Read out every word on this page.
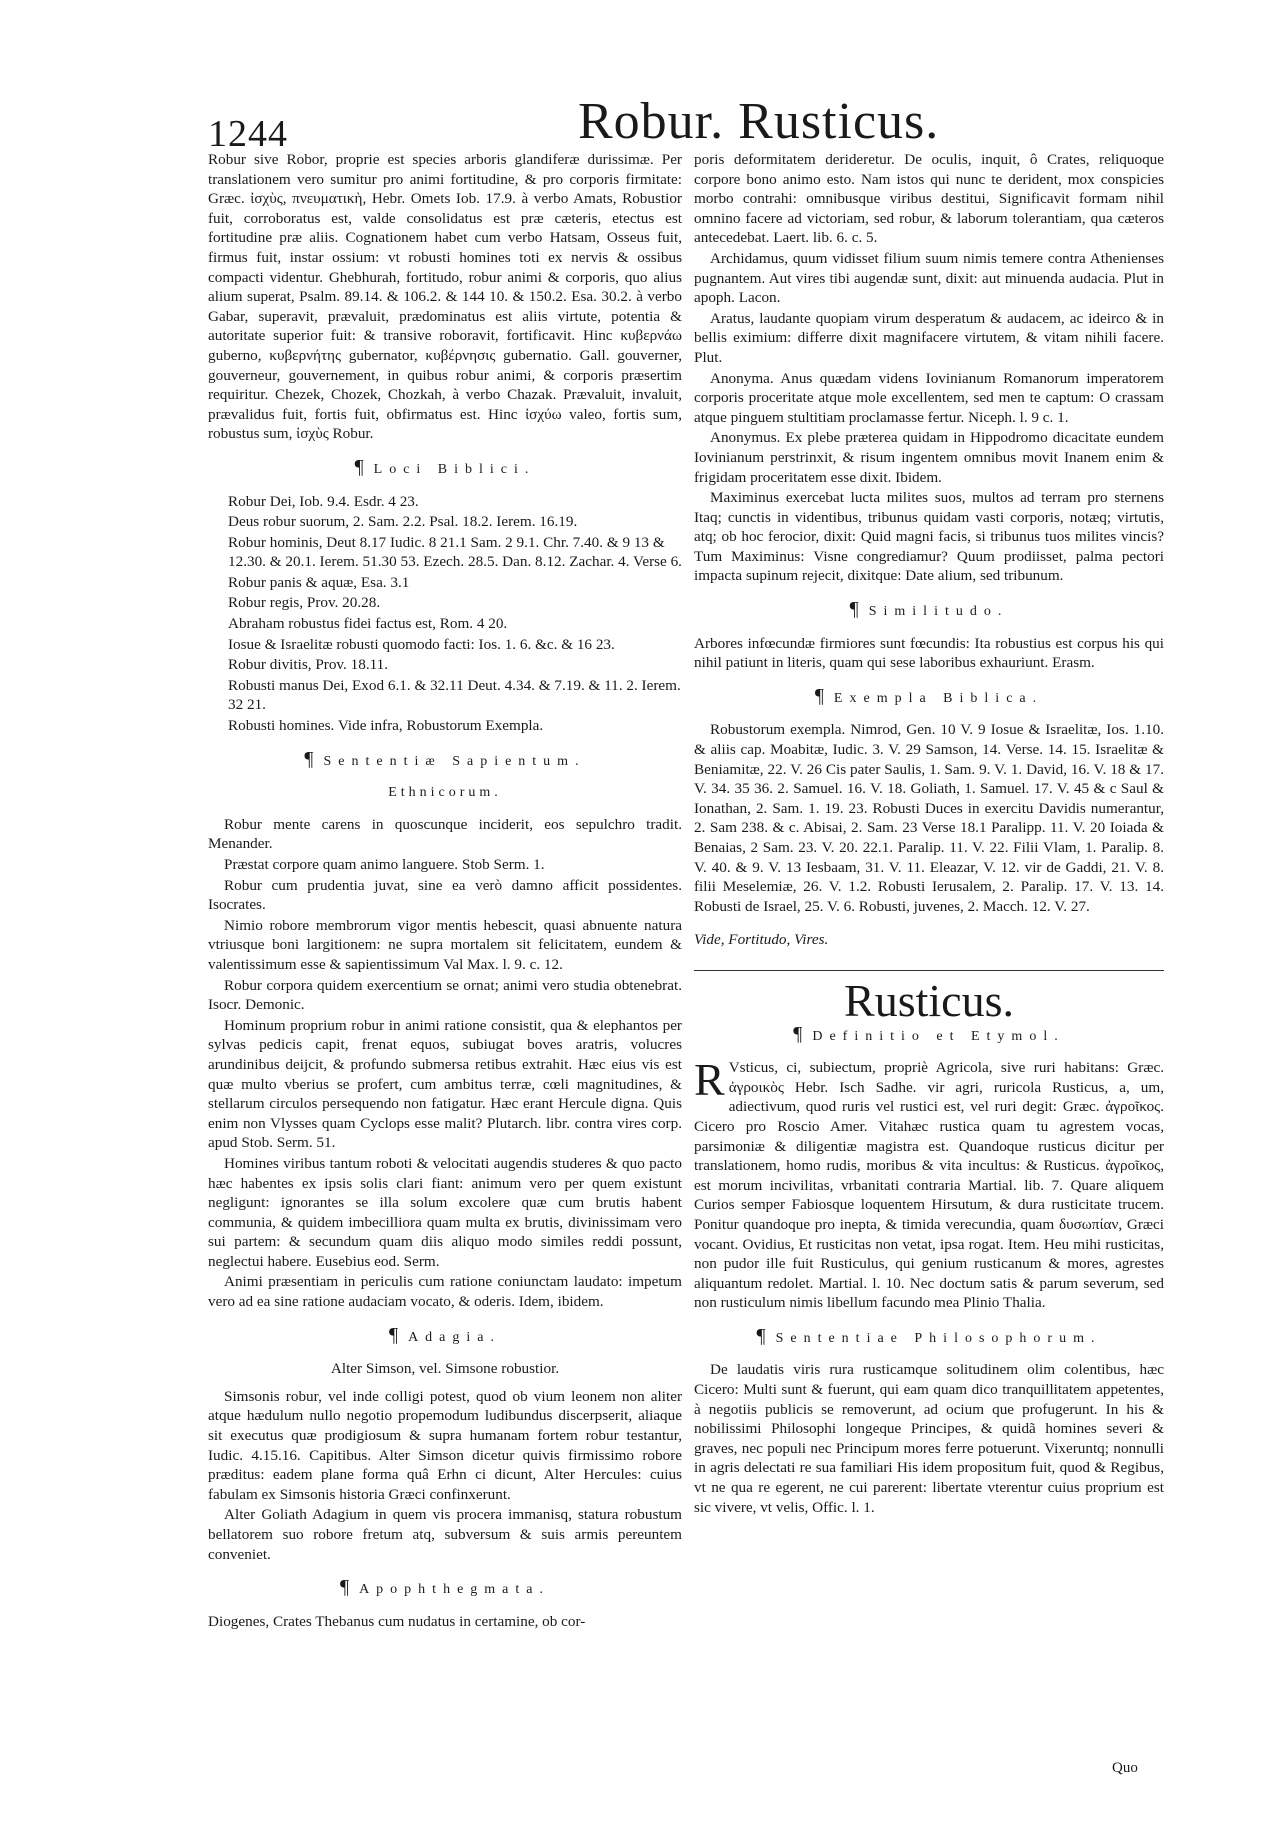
1244	Robur. Rusticus.

Robur sive Robor, proprie est species arboris glandiferæ durissimæ. Per translationem vero sumitur pro animi fortitudine, & pro corporis firmitate: Græc. ἰσχὺς, πνευματικὴ, Hebr. Omets Iob. 17.9. à verbo Amats, Robustior fuit, corroboratus est, valde consolidatus est præ cæteris, etectus est fortitudine præ aliis. Cognationem habet cum verbo Hatsam, Osseus fuit, firmus fuit, instar ossium: vt robusti homines toti ex nervis & ossibus compacti videntur. Ghebhurah, fortitudo, robur animi & corporis, quo alius alium superat, Psalm. 89.14. & 106.2. & 144 10. & 150.2. Esa. 30.2. à verbo Gabar, superavit, prævaluit, prædominatus est aliis virtute, potentia & autoritate superior fuit: & transive roboravit, fortificavit. Hinc κυβερνάω guberno, κυβερνήτης gubernator, κυβέρνησις gubernatio. Gall. gouverner, gouverneur, gouvernement, in quibus robur animi, & corporis præsertim requiritur. Chezek, Chozek, Chozkah, à verbo Chazak. Prævaluit, invaluit, prævalidus fuit, fortis fuit, obfirmatus est. Hinc ἰσχύω valeo, fortis sum, robustus sum, ἰσχὺς Robur.

¶ Loci Biblici.
Robur Dei, Iob. 9.4. Esdr. 4 23.
Deus robur suorum, 2. Sam. 2.2. Psal. 18.2. Ierem. 16.19.
Robur hominis, Deut 8.17 Iudic. 8 21.1 Sam. 2 9.1. Chr. 7.40. & 9 13 & 12.30. & 20.1. Ierem. 51.30 53. Ezech. 28.5. Dan. 8.12. Zachar. 4. Verse 6.
Robur panis & aquæ, Esa. 3.1
Robur regis, Prov. 20.28.
Abraham robustus fidei factus est, Rom. 4 20.
Iosue & Israelitæ robusti quomodo facti: Ios. 1. 6. &c. & 16 23.
Robur divitis, Prov. 18.11.
Robusti manus Dei, Exod 6.1. & 32.11 Deut. 4.34. & 7.19. & 11. 2. Ierem. 32 21.
Robusti homines. Vide infra, Robustorum Exempla.
¶ Sententiæ Sapientum.
Ethnicorum.

Robur mente carens in quoscunque inciderit, eos sepulchro tradit. Menander.

Præstat corpore quam animo languere. Stob Serm. 1.

Robur cum prudentia juvat, sine ea verò damno afficit possidentes. Isocrates.

Nimio robore membrorum vigor mentis hebescit, quasi abnuente natura vtriusque boni largitionem: ne supra mortalem sit felicitatem, eundem & valentissimum esse & sapientissimum Val Max. l. 9. c. 12.

Robur corpora quidem exercentium se ornat; animi vero studia obtenebrat. Isocr. Demonic.

Hominum proprium robur in animi ratione consistit, qua & elephantos per sylvas pedicis capit, frenat equos, subiugat boves aratris, volucres arundinibus deijcit, & profundo submersa retibus extrahit. Hæc eius vis est quæ multo vberius se profert, cum ambitus terræ, cœli magnitudines, & stellarum circulos persequendo non fatigatur. Hæc erant Hercule digna. Quis enim non Vlysses quam Cyclops esse malit? Plutarch. libr. contra vires corp. apud Stob. Serm. 51.

Homines viribus tantum roboti & velocitati augendis studeres & quo pacto hæc habentes ex ipsis solis clari fiant: animum vero per quem existunt negligunt: ignorantes se illa solum excolere quæ cum brutis habent communia, & quidem imbecilliora quam multa ex brutis, divinissimam vero sui partem: & secundum quam diis aliquo modo similes reddi possunt, neglectui habere. Eusebius eod. Serm.

Animi præsentiam in periculis cum ratione coniunctam laudato: impetum vero ad ea sine ratione audaciam vocato, & oderis. Idem, ibidem.

¶ Adagia.
Alter Simson, vel. Simsone robustior.

Simsonis robur, vel inde colligi potest, quod ob vium leonem non aliter atque hædulum nullo negotio propemodum ludibundus discerpserit, aliaque sit executus quæ prodigiosum & supra humanam fortem robur testantur, Iudic. 4.15.16. Capitibus. Alter Simson dicetur quivis firmissimo robore præditus: eadem plane forma quâ Erhn ci dicunt, Alter Hercules: cuius fabulam ex Simsonis historia Græci confinxerunt.

Alter Goliath Adagium in quem vis procera immanisq, statura robustum bellatorem suo robore fretum atq, subversum & suis armis pereuntem conveniet.

¶ Apophthegmata.

Diogenes, Crates Thebanus cum nudatus in certamine, ob cor-

poris deformitatem derideretur. De oculis, inquit, ô Crates, reliquoque corpore bono animo esto. Nam istos qui nunc te derident, mox conspicies morbo contrahi: omnibusque viribus destitui, Significavit formam nihil omnino facere ad victoriam, sed robur, & laborum tolerantiam, qua cæteros antecedebat. Laert. lib. 6. c. 5.

Archidamus, quum vidisset filium suum nimis temere contra Athenienses pugnantem. Aut vires tibi augendæ sunt, dixit: aut minuenda audacia. Plut in apoph. Lacon.

Aratus, laudante quopiam virum desperatum & audacem, ac ideirco & in bellis eximium: differre dixit magnifacere virtutem, & vitam nihili facere. Plut.

Anonyma. Anus quædam videns Iovinianum Romanorum imperatorem corporis proceritate atque mole excellentem, sed men te captum: O crassam atque pinguem stultitiam proclamasse fertur. Niceph. l. 9 c. 1.

Anonymus. Ex plebe præterea quidam in Hippodromo dicacitate eundem Iovinianum perstrinxit, & risum ingentem omnibus movit Inanem enim & frigidam proceritatem esse dixit. Ibidem.

Maximinus exercebat lucta milites suos, multos ad terram pro sternens Itaq; cunctis in videntibus, tribunus quidam vasti corporis, notæq; virtutis, atq; ob hoc ferocior, dixit: Quid magni facis, si tribunus tuos milites vincis? Tum Maximinus: Visne congrediamur? Quum prodiisset, palma pectori impacta supinum rejecit, dixitque: Date alium, sed tribunum.

¶ Similitudo.

Arbores infœcundæ firmiores sunt fœcundis: Ita robustius est corpus his qui nihil patiunt in literis, quam qui sese laboribus exhauriunt. Erasm.

¶ Exempla Biblica.

Robustorum exempla. Nimrod, Gen. 10 V. 9 Iosue & Israelitæ, Ios. 1.10. & aliis cap. Moabitæ, Iudic. 3. V. 29 Samson, 14. Verse. 14. 15. Israelitæ & Beniamitæ, 22. V. 26 Cis pater Saulis, 1. Sam. 9. V. 1. David, 16. V. 18 & 17. V. 34. 35 36. 2. Samuel. 16. V. 18. Goliath, 1. Samuel. 17. V. 45 & c Saul & Ionathan, 2. Sam. 1. 19. 23. Robusti Duces in exercitu Davidis numerantur, 2. Sam 238. & c. Abisai, 2. Sam. 23 Verse 18.1 Paralipp. 11. V. 20 Ioiada & Benaias, 2 Sam. 23. V. 20. 22.1. Paralip. 11. V. 22. Filii Vlam, 1. Paralip. 8. V. 40. & 9. V. 13 Iesbaam, 31. V. 11. Eleazar, V. 12. vir de Gaddi, 21. V. 8. filii Meselemiæ, 26. V. 1.2. Robusti Ierusalem, 2. Paralip. 17. V. 13. 14. Robusti de Israel, 25. V. 6. Robusti, juvenes, 2. Macch. 12. V. 27.

Vide, Fortitudo, Vires.

Rusticus.
¶ Definitio et Etymol.

R Vsticus, ci, subiectum, propriè Agricola, sive ruri habitans: Græc. ἀγροικὸς Hebr. Isch Sadhe. vir agri, ruricola Rusticus, a, um, adiectivum, quod ruris vel rustici est, vel ruri degit: Græc. ἀγροῖκος. Cicero pro Roscio Amer. Vitahæc rustica quam tu agrestem vocas, parsimoniæ & diligentiæ magistra est. Quandoque rusticus dicitur per translationem, homo rudis, moribus & vita incultus: & Rusticus. ἀγροῖκος, est morum incivilitas, vrbanitati contraria Martial. lib. 7. Quare aliquem Curios semper Fabiosque loquentem Hirsutum, & dura rusticitate trucem. Ponitur quandoque pro inepta, & timida verecundia, quam δυσωπίαν, Græci vocant. Ovidius, Et rusticitas non vetat, ipsa rogat. Item. Heu mihi rusticitas, non pudor ille fuit Rusticulus, qui genium rusticanum & mores, agrestes aliquantum redolet. Martial. l. 10. Nec doctum satis & parum severum, sed non rusticulum nimis libellum facundo mea Plinio Thalia.

¶ Sententiae Philosophorum.

De laudatis viris rura rusticamque solitudinem olim colentibus, hæc Cicero: Multi sunt & fuerunt, qui eam quam dico tranquillitatem appetentes, à negotiis publicis se removerunt, ad ocium que profugerunt. In his & nobilissimi Philosophi longeque Principes, & quidã homines severi & graves, nec populi nec Principum mores ferre potuerunt. Vixeruntq; nonnulli in agris delectati re sua familiari His idem propositum fuit, quod & Regibus, vt ne qua re egerent, ne cui parerent: libertate vterentur cuius proprium est sic vivere, vt velis, Offic. l. 1.

Quo
